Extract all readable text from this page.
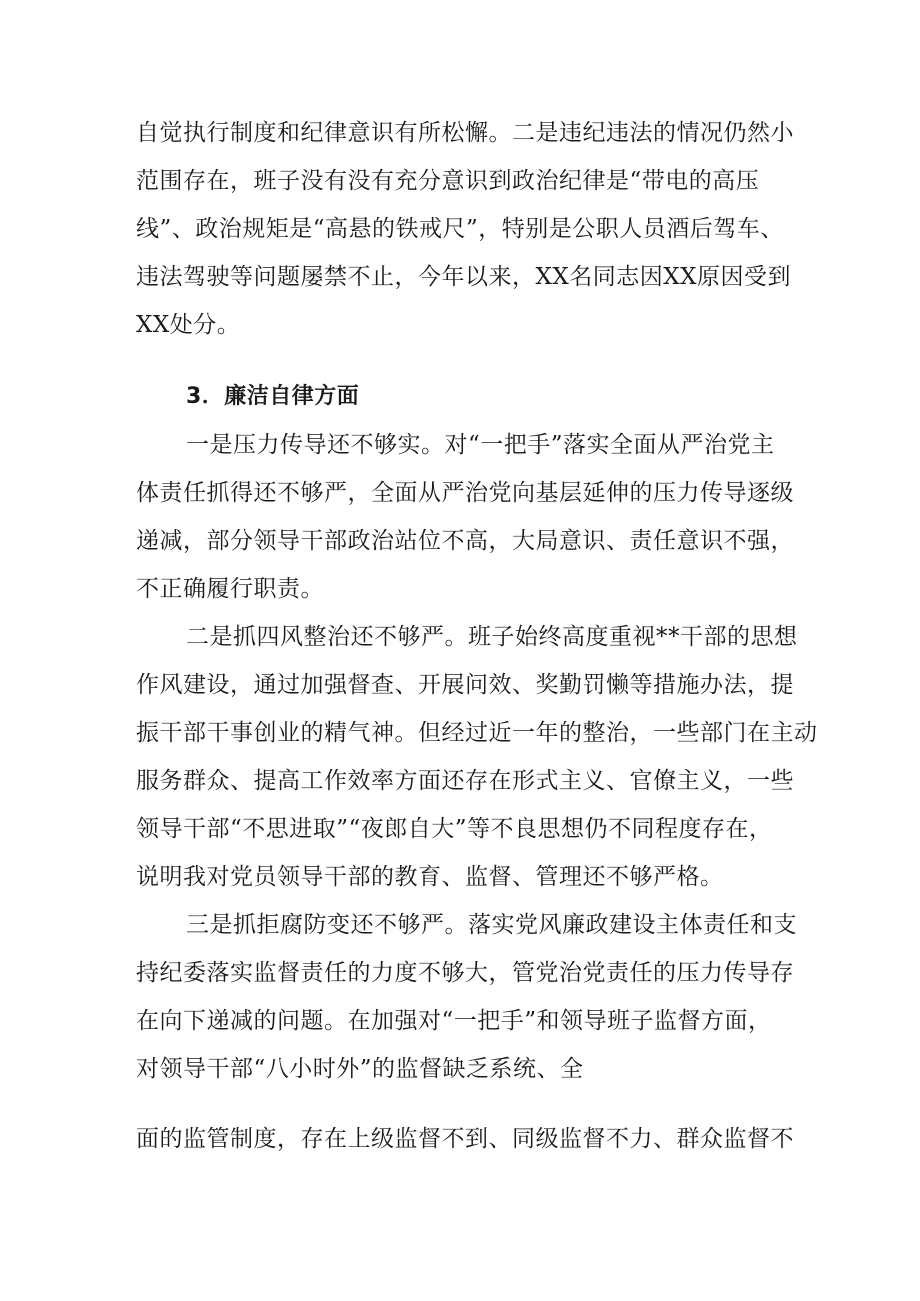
自觉执行制度和纪律意识有所松懈。二是违纪违法的情况仍然小
范围存在，班子没有没有充分意识到政治纪律是“带电的高压
线”、政治规矩是“高悬的铁戒尺”，特别是公职人员酒后驾车、
违法驾驶等问题屡禁不止，今年以来，XX名同志因XX原因受到
XX处分。
3．廉洁自律方面
一是压力传导还不够实。对“一把手”落实全面从严治党主
体责任抓得还不够严，全面从严治党向基层延伸的压力传导逐级
递减，部分领导干部政治站位不高，大局意识、责任意识不强，
不正确履行职责。
二是抓四风整治还不够严。班子始终高度重视**干部的思想
作风建设，通过加强督查、开展问效、奖勤罚懒等措施办法，提
振干部干事创业的精气神。但经过近一年的整治，一些部门在主动
服务群众、提高工作效率方面还存在形式主义、官僚主义，一些
领导干部“不思进取”“夜郎自大”等不良思想仍不同程度存在，
说明我对党员领导干部的教育、监督、管理还不够严格。
三是抓拒腐防变还不够严。落实党风廉政建设主体责任和支
持纪委落实监督责任的力度不够大，管党治党责任的压力传导存
在向下递减的问题。在加强对“一把手”和领导班子监督方面，
对领导干部“八小时外”的监督缺乏系统、全
面的监管制度，存在上级监督不到、同级监督不力、群众监督不
